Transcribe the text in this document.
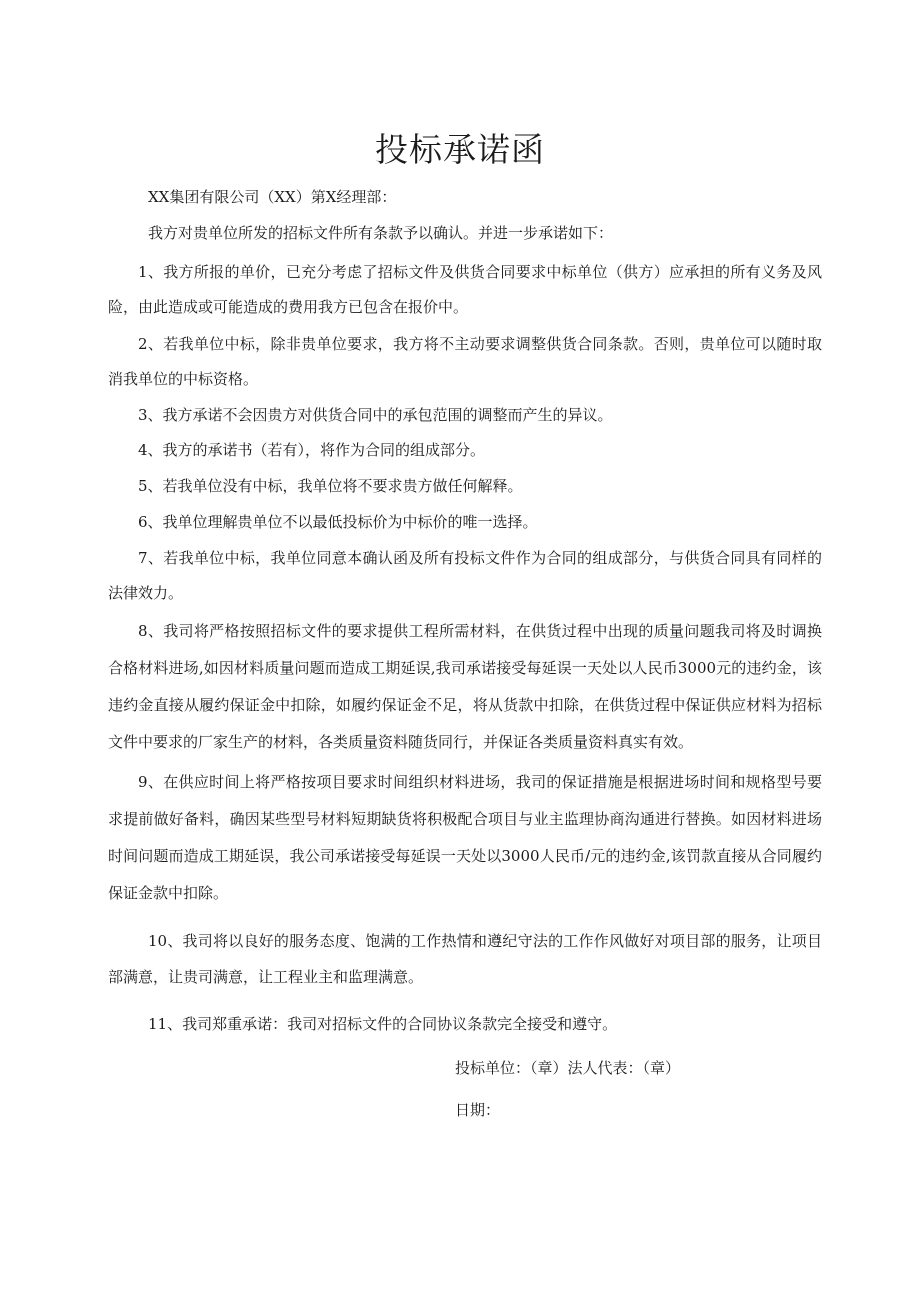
投标承诺函

XX集团有限公司（XX）第X经理部：

我方对贵单位所发的招标文件所有条款予以确认。并进一步承诺如下：

1、我方所报的单价，已充分考虑了招标文件及供货合同要求中标单位（供方）应承担的所有义务及风险，由此造成或可能造成的费用我方已包含在报价中。

2、若我单位中标，除非贵单位要求，我方将不主动要求调整供货合同条款。否则，贵单位可以随时取消我单位的中标资格。

3、我方承诺不会因贵方对供货合同中的承包范围的调整而产生的异议。

4、我方的承诺书（若有），将作为合同的组成部分。

5、若我单位没有中标，我单位将不要求贵方做任何解释。

6、我单位理解贵单位不以最低投标价为中标价的唯一选择。

7、若我单位中标，我单位同意本确认函及所有投标文件作为合同的组成部分，与供货合同具有同样的法律效力。

8、我司将严格按照招标文件的要求提供工程所需材料，在供货过程中出现的质量问题我司将及时调换合格材料进场,如因材料质量问题而造成工期延误,我司承诺接受每延误一天处以人民币3000元的违约金，该违约金直接从履约保证金中扣除，如履约保证金不足，将从货款中扣除，在供货过程中保证供应材料为招标文件中要求的厂家生产的材料，各类质量资料随货同行，并保证各类质量资料真实有效。

9、在供应时间上将严格按项目要求时间组织材料进场，我司的保证措施是根据进场时间和规格型号要求提前做好备料，确因某些型号材料短期缺货将积极配合项目与业主监理协商沟通进行替换。如因材料进场时间问题而造成工期延误，我公司承诺接受每延误一天处以3000人民币/元的违约金,该罚款直接从合同履约保证金款中扣除。

10、我司将以良好的服务态度、饱满的工作热情和遵纪守法的工作作风做好对项目部的服务，让项目部满意，让贵司满意，让工程业主和监理满意。

11、我司郑重承诺：我司对招标文件的合同协议条款完全接受和遵守。

投标单位：（章）法人代表：（章）

日期：
